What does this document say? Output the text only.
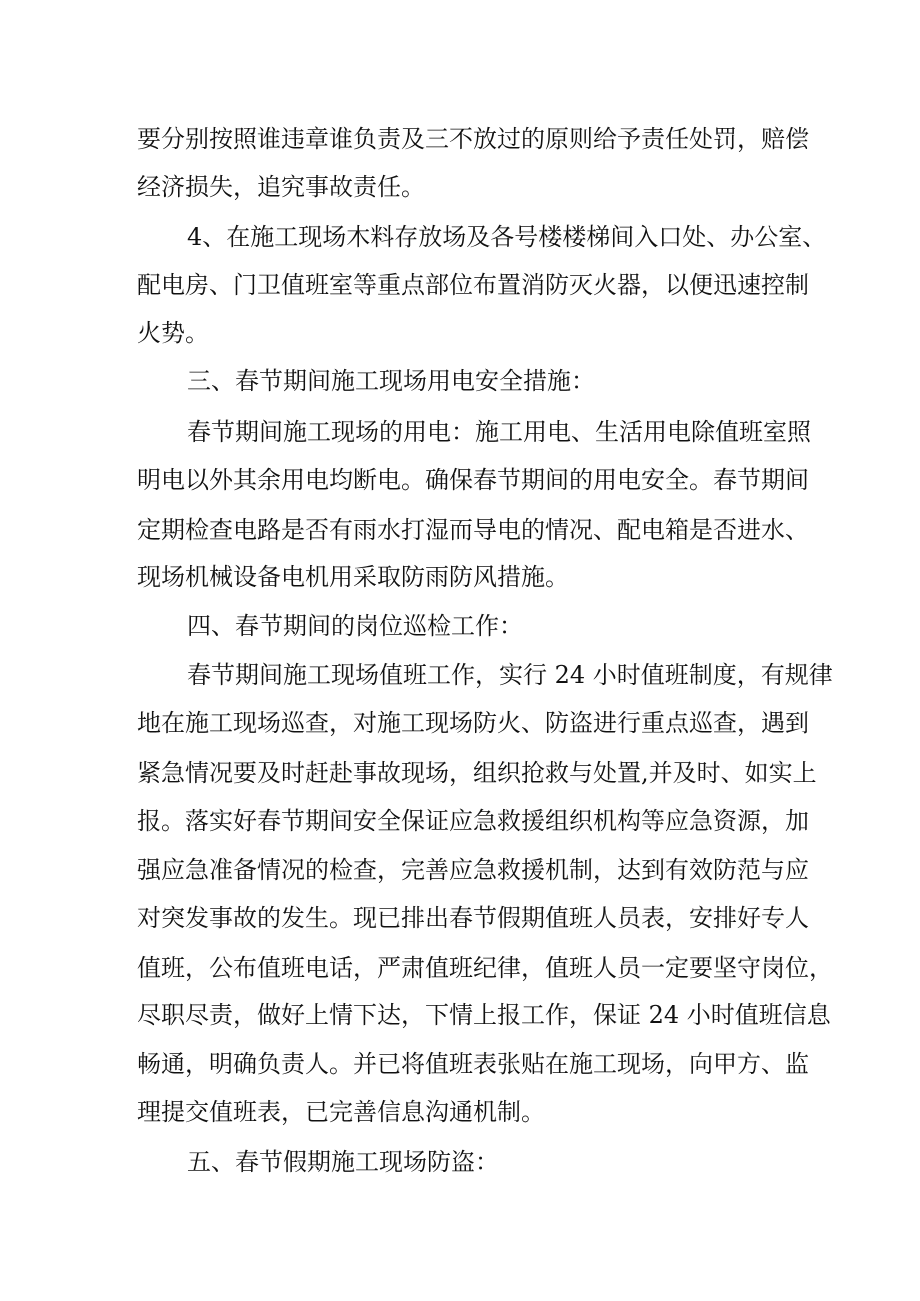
要分别按照谁违章谁负责及三不放过的原则给予责任处罚，赔偿
经济损失，追究事故责任。
4、在施工现场木料存放场及各号楼楼梯间入口处、办公室、
配电房、门卫值班室等重点部位布置消防灭火器，以便迅速控制
火势。
三、春节期间施工现场用电安全措施：
春节期间施工现场的用电：施工用电、生活用电除值班室照
明电以外其余用电均断电。确保春节期间的用电安全。春节期间
定期检查电路是否有雨水打湿而导电的情况、配电箱是否进水、
现场机械设备电机用采取防雨防风措施。
四、春节期间的岗位巡检工作：
春节期间施工现场值班工作，实行 24 小时值班制度，有规律
地在施工现场巡查，对施工现场防火、防盗进行重点巡查，遇到
紧急情况要及时赶赴事故现场，组织抢救与处置,并及时、如实上
报。落实好春节期间安全保证应急救援组织机构等应急资源，加
强应急准备情况的检查，完善应急救援机制，达到有效防范与应
对突发事故的发生。现已排出春节假期值班人员表，安排好专人
值班，公布值班电话，严肃值班纪律，值班人员一定要坚守岗位，
尽职尽责，做好上情下达，下情上报工作，保证 24 小时值班信息
畅通，明确负责人。并已将值班表张贴在施工现场，向甲方、监
理提交值班表，已完善信息沟通机制。
五、春节假期施工现场防盗：
